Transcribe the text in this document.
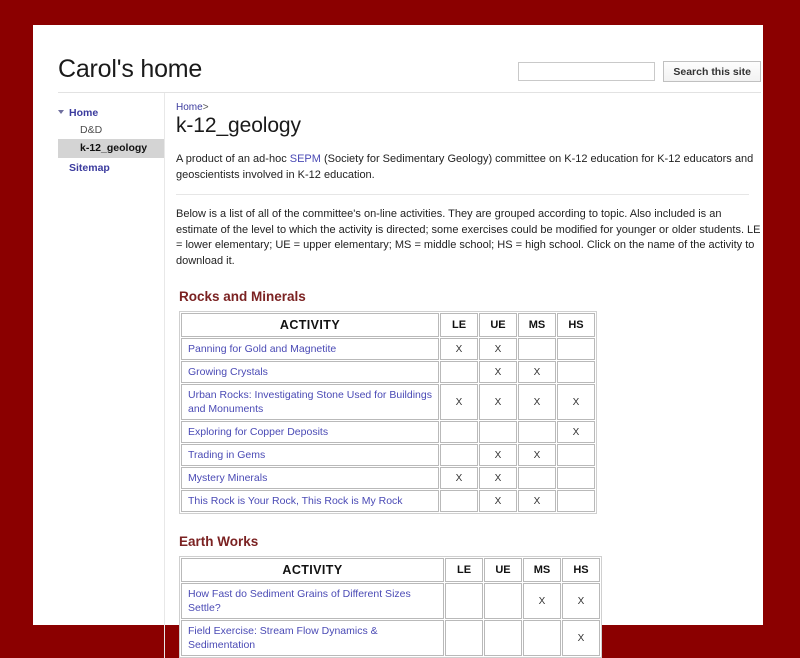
Carol's home	Search this site
Home
D&D
k-12_geology
Sitemap
Home>
k-12_geology

A product of an ad-hoc SEPM (Society for Sedimentary Geology) committee on K-12 education for K-12 educators and geoscientists involved in K-12 education.

Below is a list of all of the committee's on-line activities. They are grouped according to topic. Also included is an estimate of the level to which the activity is directed; some exercises could be modified for younger or older students. LE = lower elementary; UE = upper elementary; MS = middle school; HS = high school. Click on the name of the activity to download it.

Rocks and Minerals
ACTIVITY	LE	UE	MS	HS
Panning for Gold and Magnetite	X	X		
Growing Crystals		X	X	
Urban Rocks: Investigating Stone Used for Buildings and Monuments	X	X	X	X
Exploring for Copper Deposits				X
Trading in Gems		X	X	
Mystery Minerals	X	X		
This Rock is Your Rock, This Rock is My Rock		X	X	
Earth Works
ACTIVITY	LE	UE	MS	HS
How Fast do Sediment Grains of Different Sizes Settle?			X	X
Field Exercise: Stream Flow Dynamics & Sedimentation				X
